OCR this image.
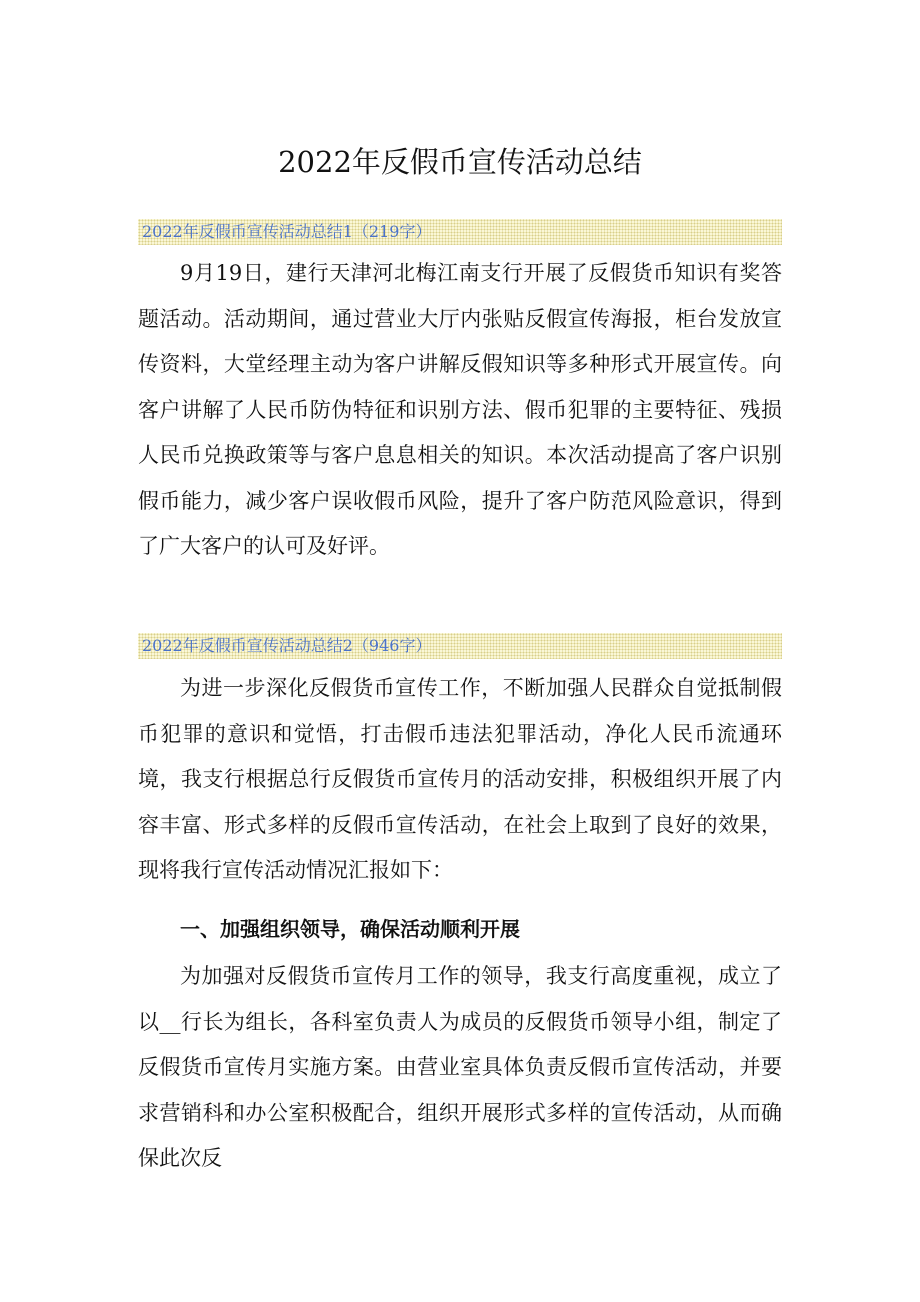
2022年反假币宣传活动总结
2022年反假币宣传活动总结1（219字）

9月19日，建行天津河北梅江南支行开展了反假货币知识有奖答题活动。活动期间，通过营业大厅内张贴反假宣传海报，柜台发放宣传资料，大堂经理主动为客户讲解反假知识等多种形式开展宣传。向客户讲解了人民币防伪特征和识别方法、假币犯罪的主要特征、残损人民币兑换政策等与客户息息相关的知识。本次活动提高了客户识别假币能力，减少客户误收假币风险，提升了客户防范风险意识，得到了广大客户的认可及好评。

2022年反假币宣传活动总结2（946字）

为进一步深化反假货币宣传工作，不断加强人民群众自觉抵制假币犯罪的意识和觉悟，打击假币违法犯罪活动，净化人民币流通环境，我支行根据总行反假货币宣传月的活动安排，积极组织开展了内容丰富、形式多样的反假币宣传活动，在社会上取到了良好的效果，现将我行宣传活动情况汇报如下：

一、加强组织领导，确保活动顺利开展

为加强对反假货币宣传月工作的领导，我支行高度重视，成立了以__行长为组长，各科室负责人为成员的反假货币领导小组，制定了反假货币宣传月实施方案。由营业室具体负责反假币宣传活动，并要求营销科和办公室积极配合，组织开展形式多样的宣传活动，从而确保此次反
